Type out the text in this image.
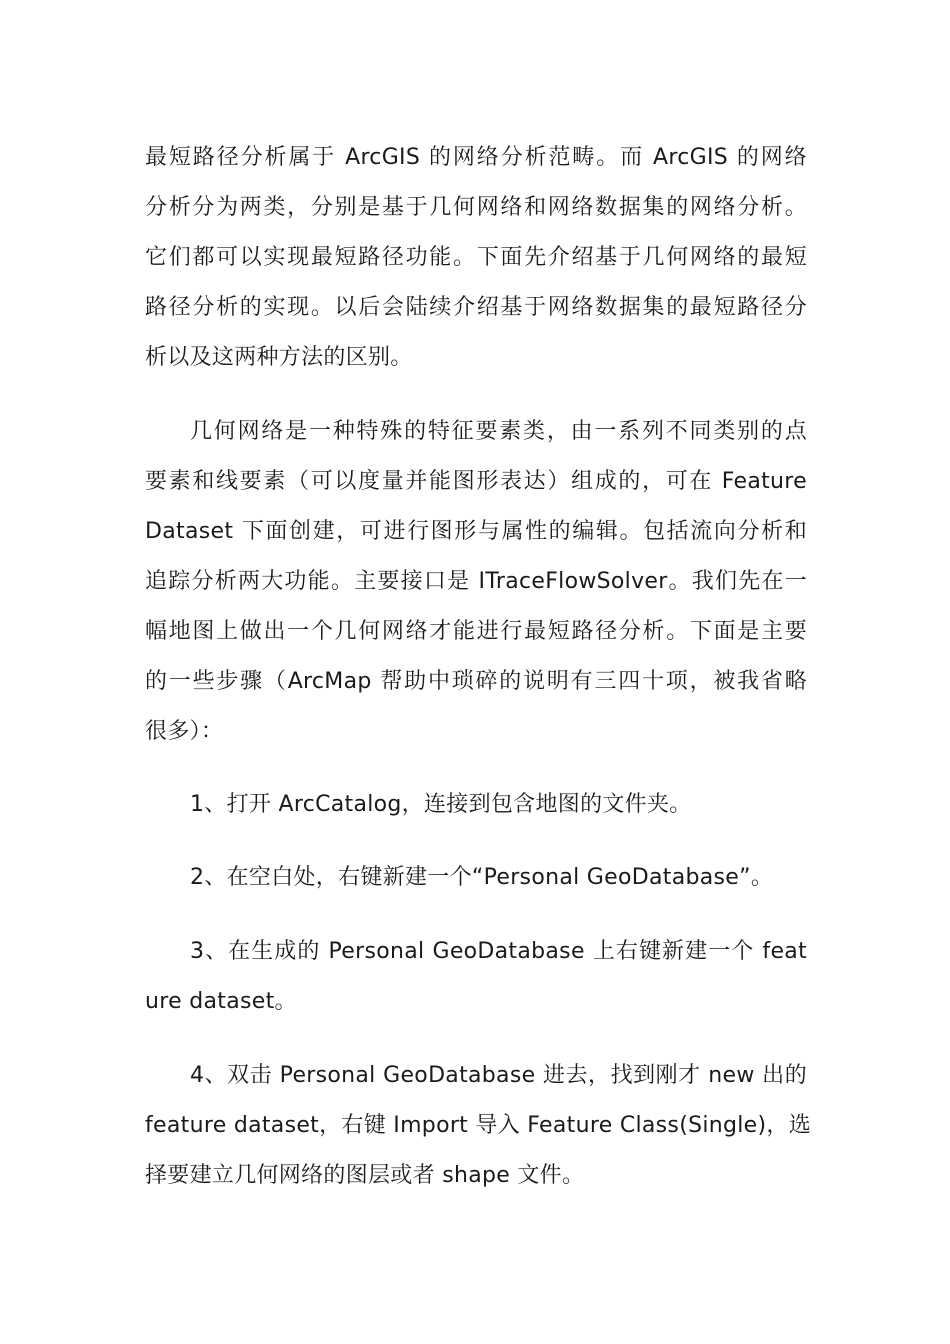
最短路径分析属于 ArcGIS 的网络分析范畴。而 ArcGIS 的网络
分析分为两类，分别是基于几何网络和网络数据集的网络分析。
它们都可以实现最短路径功能。下面先介绍基于几何网络的最短
路径分析的实现。以后会陆续介绍基于网络数据集的最短路径分
析以及这两种方法的区别。
几何网络是一种特殊的特征要素类，由一系列不同类别的点
要素和线要素（可以度量并能图形表达）组成的，可在 Feature
Dataset 下面创建，可进行图形与属性的编辑。包括流向分析和
追踪分析两大功能。主要接口是 ITraceFlowSolver。我们先在一
幅地图上做出一个几何网络才能进行最短路径分析。下面是主要
的一些步骤（ArcMap 帮助中琐碎的说明有三四十项，被我省略
很多）：
1、打开 ArcCatalog，连接到包含地图的文件夹。
2、在空白处，右键新建一个“Personal GeoDatabase”。
3、在生成的 Personal GeoDatabase 上右键新建一个 feat
ure dataset。
4、双击 Personal GeoDatabase 进去，找到刚才 new 出的
feature dataset，右键 Import 导入 Feature Class(Single)，选
择要建立几何网络的图层或者 shape 文件。
